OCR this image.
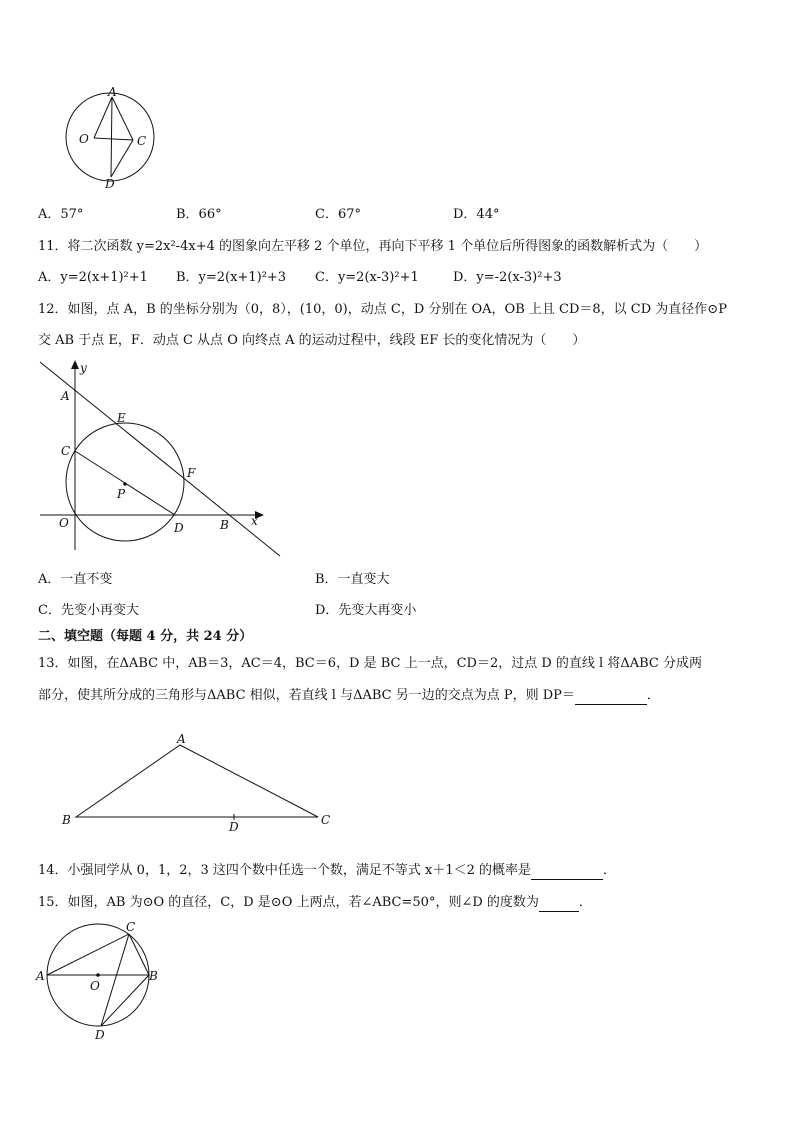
A
O	C
D
A．57°	B．66°	C．67°	D．44°
11．将二次函数 y=2x²-4x+4 的图象向左平移 2 个单位，再向下平移 1 个单位后所得图象的函数解析式为（　　）
A．y=2(x+1)²+1 B．y=2(x+1)²+3 C．y=2(x-3)²+1	D．y=-2(x-3)²+3
12．如图，点 A，B 的坐标分别为（0，8），(10，0)，动点 C，D 分别在 OA，OB 上且 CD＝8，以 CD 为直径作⊙P
交 AB 于点 E，F．动点 C 从点 O 向终点 A 的运动过程中，线段 EF 长的变化情况为（　　）
y
A
E
C
F
P
O	D	B x
A．一直不变	B．一直变大
C．先变小再变大	D．先变大再变小
二、填空题（每题 4 分，共 24 分）
13．如图，在ΔABC 中，AB＝3，AC＝4，BC＝6，D 是 BC 上一点，CD＝2，过点 D 的直线 l 将ΔABC 分成两
部分，使其所分成的三角形与ΔABC 相似，若直线 l 与ΔABC 另一边的交点为点 P，则 DP＝	．
A
B	D	C
14．小强同学从 0，1，2，3 这四个数中任选一个数，满足不等式 x＋1＜2 的概率是	．
15．如图，AB 为⊙O 的直径，C，D 是⊙O 上两点，若∠ABC=50°，则∠D 的度数为	．
C
A
O
B
D
